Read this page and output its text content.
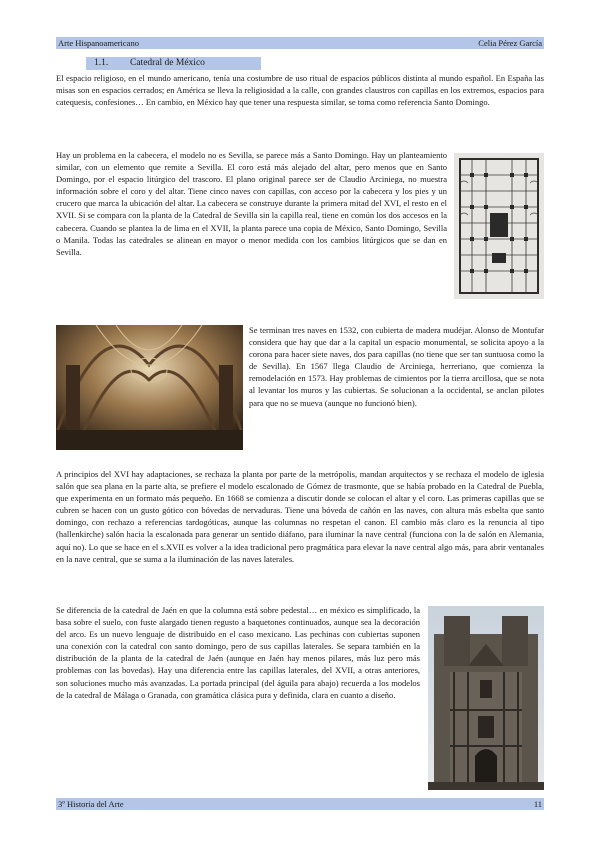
Arte Hispanoamericano	Celia Pérez García
1.1. Catedral de México

El espacio religioso, en el mundo americano, tenía una costumbre de uso ritual de espacios públicos distinta al mundo español. En España las misas son en espacios cerrados; en América se lleva la religiosidad a la calle, con grandes claustros con capillas en los extremos, espacios para catequesis, confesiones… En cambio, en México hay que tener una respuesta similar, se toma como referencia Santo Domingo.

Hay un problema en la cabecera, el modelo no es Sevilla, se parece más a Santo Domingo. Hay un planteamiento similar, con un elemento que remite a Sevilla. El coro está más alejado del altar, pero menos que en Santo Domingo, por el espacio litúrgico del trascoro. El plano original parece ser de Claudio Arciniega, no muestra información sobre el coro y del altar. Tiene cinco naves con capillas, con acceso por la cabecera y los pies y un crucero que marca la ubicación del altar. La cabecera se construye durante la primera mitad del XVI, el resto en el XVII. Si se compara con la planta de la Catedral de Sevilla sin la capilla real, tiene en común los dos accesos en la cabecera. Cuando se plantea la de lima en el XVII, la planta parece una copia de México, Santo Domingo, Sevilla o Manila. Todas las catedrales se alinean en mayor o menor medida con los cambios litúrgicos que se dan en Sevilla.

Se terminan tres naves en 1532, con cubierta de madera mudéjar. Alonso de Montufar considera que hay que dar a la capital un espacio monumental, se solicita apoyo a la corona para hacer siete naves, dos para capillas (no tiene que ser tan suntuosa como la de Sevilla). En 1567 llega Claudio de Arciniega, herreriano, que comienza la remodelación en 1573. Hay problemas de cimientos por la tierra arcillosa, que se nota al levantar los muros y las cubiertas. Se solucionan a la occidental, se anclan pilotes para que no se mueva (aunque no funcionó bien).

A principios del XVI hay adaptaciones, se rechaza la planta por parte de la metrópolis, mandan arquitectos y se rechaza el modelo de iglesia salón que sea plana en la parte alta, se prefiere el modelo escalonado de Gómez de trasmonte, que se había probado en la Catedral de Puebla, que experimenta en un formato más pequeño. En 1668 se comienza a discutir donde se colocan el altar y el coro. Las primeras capillas que se cubren se hacen con un gusto gótico con bóvedas de nervaduras. Tiene una bóveda de cañón en las naves, con altura más esbelta que santo domingo, con rechazo a referencias tardogóticas, aunque las columnas no respetan el canon. El cambio más claro es la renuncia al tipo (hallenkirche) salón hacia la escalonada para generar un sentido diáfano, para iluminar la nave central (funciona con la de salón en Alemania, aquí no). Lo que se hace en el s.XVII es volver a la idea tradicional pero pragmática para elevar la nave central algo más, para abrir ventanales en la nave central, que se suma a la iluminación de las naves laterales.

Se diferencia de la catedral de Jaén en que la columna está sobre pedestal… en méxico es simplificado, la basa sobre el suelo, con fuste alargado tienen regusto a baquetones continuados, aunque sea la decoración del arco. Es un nuevo lenguaje de distribuido en el caso mexicano. Las pechinas con cubiertas suponen una conexión con la catedral con santo domingo, pero de sus capillas laterales. Se separa también en la distribución de la planta de la catedral de Jaén (aunque en Jaén hay menos pilares, más luz pero más problemas con las bovedas). Hay una diferencia entre las capillas laterales, del XVII, a otras anteriores, son soluciones mucho más avanzadas. La portada principal (del águila para abajo) recuerda a los modelos de la catedral de Málaga o Granada, con gramática clásica pura y definida, clara en cuanto a diseño.

3º Historia del Arte	11
